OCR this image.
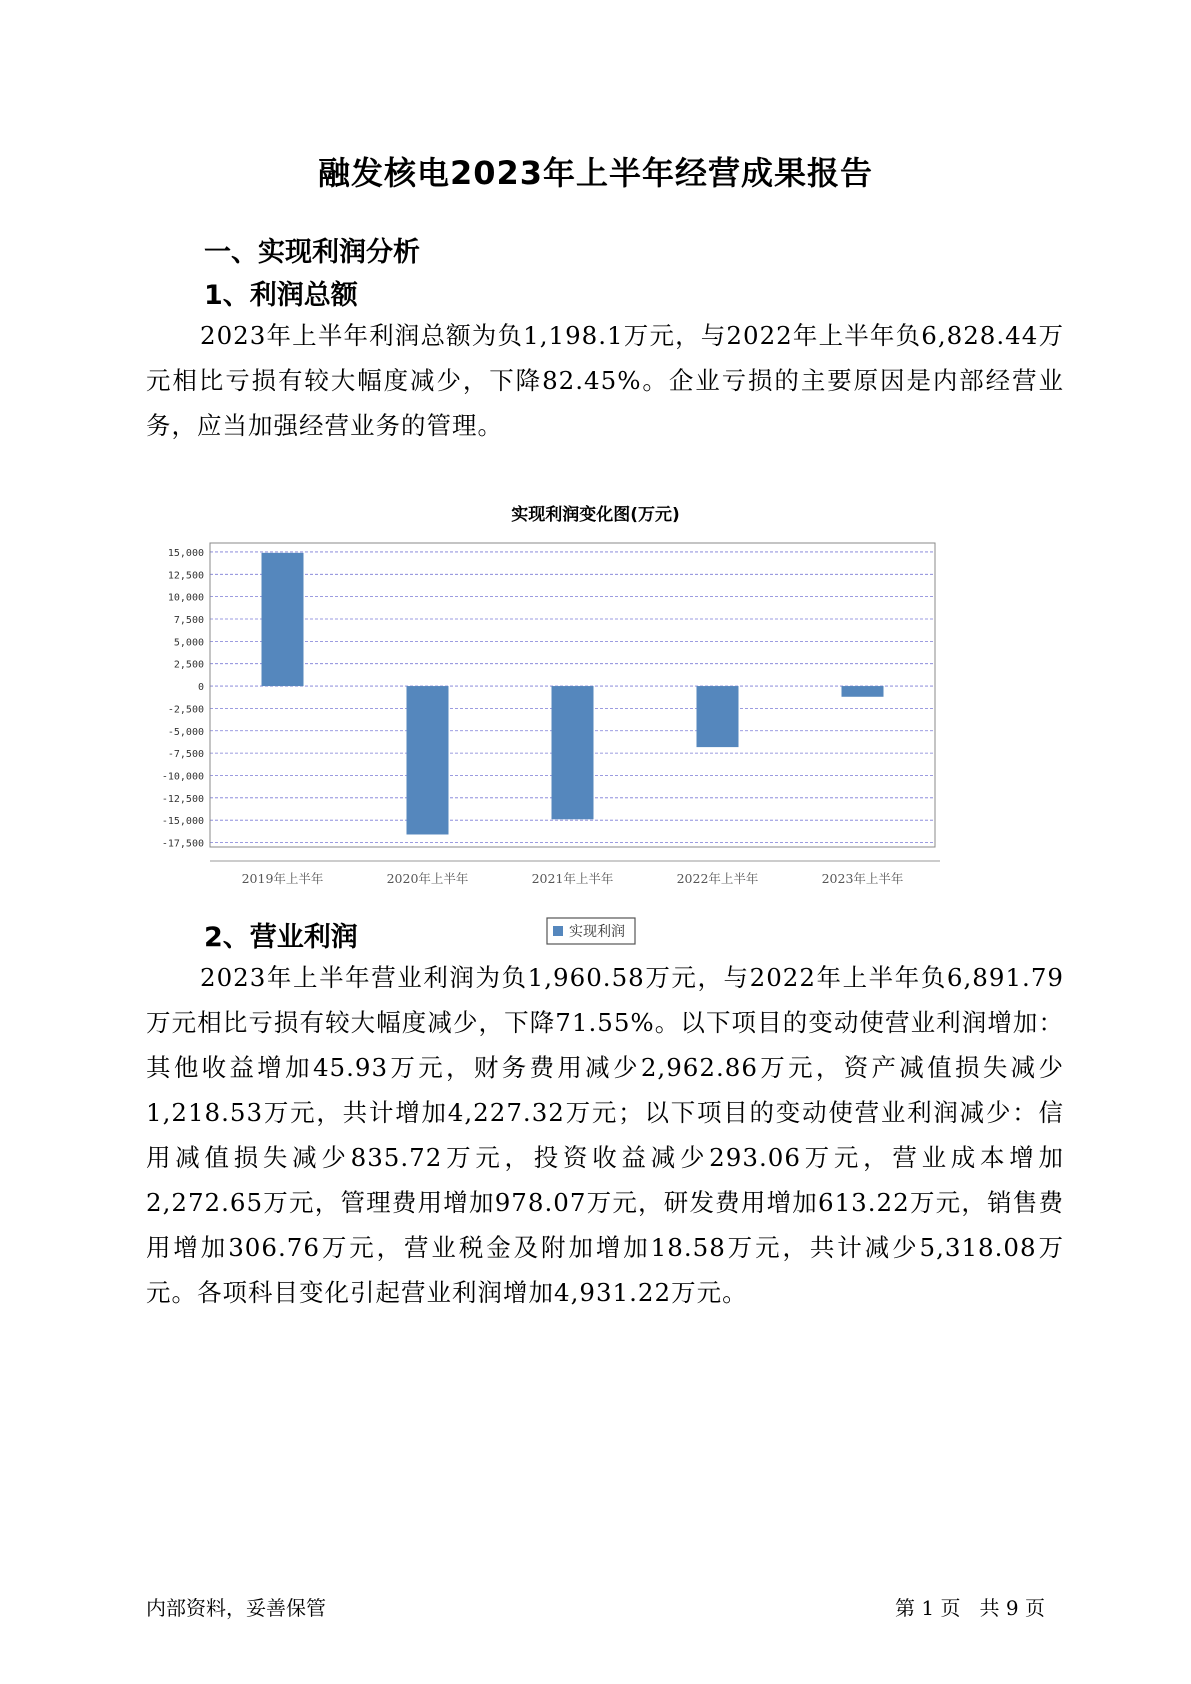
融发核电2023年上半年经营成果报告
一、实现利润分析
1、利润总额

2023年上半年利润总额为负1,198.1万元，与2022年上半年负6,828.44万元相比亏损有较大幅度减少，下降82.45%。企业亏损的主要原因是内部经营业务，应当加强经营业务的管理。

实现利润变化图(万元)
15,000
12,500
10,000
7,500
5,000
2,500
0
-2,500
-5,000
-7,500
-10,000
-12,500
-15,000
-17,500
2019年上半年	2020年上半年	2021年上半年	2022年上半年	2023年上半年
实现利润
2、营业利润

2023年上半年营业利润为负1,960.58万元，与2022年上半年负6,891.79万元相比亏损有较大幅度减少，下降71.55%。以下项目的变动使营业利润增加：其他收益增加45.93万元，财务费用减少2,962.86万元，资产减值损失减少1,218.53万元，共计增加4,227.32万元；以下项目的变动使营业利润减少：信用减值损失减少835.72万元，投资收益减少293.06万元，营业成本增加2,272.65万元，管理费用增加978.07万元，研发费用增加613.22万元，销售费用增加306.76万元，营业税金及附加增加18.58万元，共计减少5,318.08万元。各项科目变化引起营业利润增加4,931.22万元。

内部资料，妥善保管	第 1 页   共 9 页
